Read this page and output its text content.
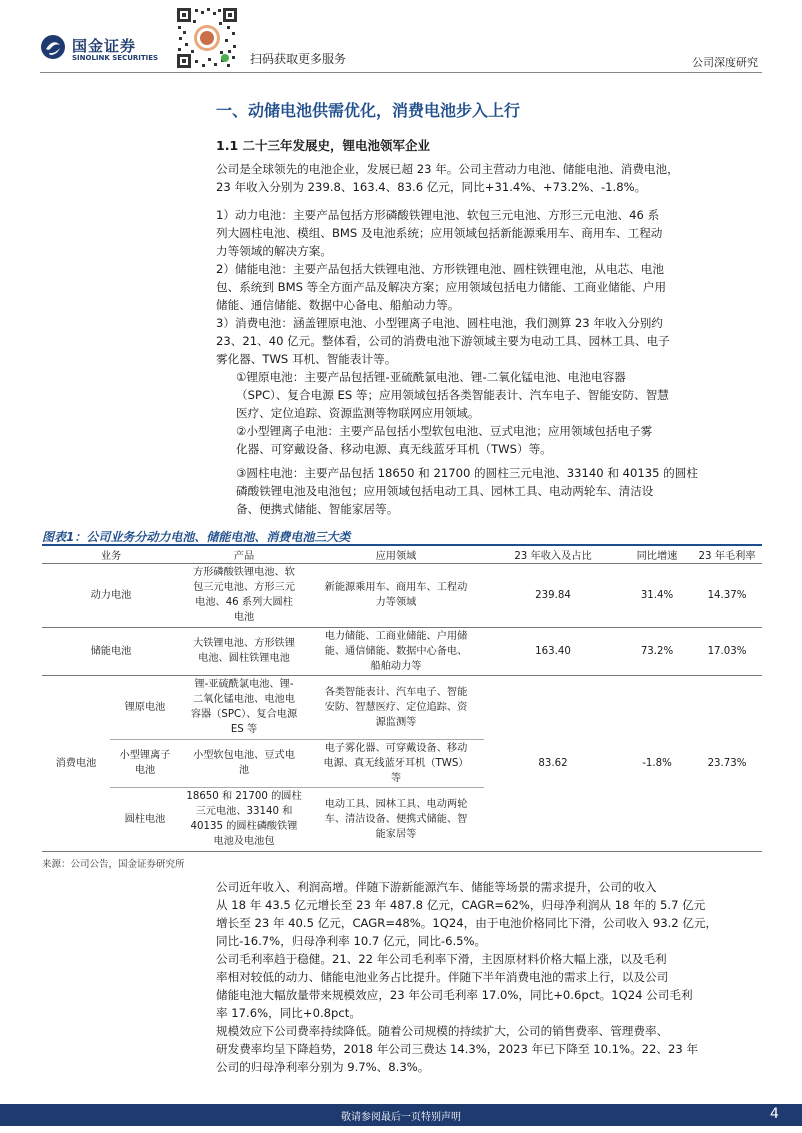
国金证券
SINOLINK SECURITIES	扫码获取更多服务	公司深度研究
一、动储电池供需优化，消费电池步入上行
1.1 二十三年发展史，锂电池领军企业
公司是全球领先的电池企业，发展已超 23 年。公司主营动力电池、储能电池、消费电池，
23 年收入分别为 239.8、163.4、83.6 亿元，同比+31.4%、+73.2%、-1.8%。
1）动力电池：主要产品包括方形磷酸铁锂电池、软包三元电池、方形三元电池、46 系
列大圆柱电池、模组、BMS 及电池系统；应用领域包括新能源乘用车、商用车、工程动
力等领域的解决方案。
2）储能电池：主要产品包括大铁锂电池、方形铁锂电池、圆柱铁锂电池，从电芯、电池
包、系统到 BMS 等全方面产品及解决方案；应用领域包括电力储能、工商业储能、户用
储能、通信储能、数据中心备电、船舶动力等。
3）消费电池：涵盖锂原电池、小型锂离子电池、圆柱电池，我们测算 23 年收入分别约
23、21、40 亿元。整体看，公司的消费电池下游领域主要为电动工具、园林工具、电子
雾化器、TWS 耳机、智能表计等。
①锂原电池：主要产品包括锂-亚硫酰氯电池、锂-二氧化锰电池、电池电容器
（SPC）、复合电源 ES 等；应用领域包括各类智能表计、汽车电子、智能安防、智慧
医疗、定位追踪、资源监测等物联网应用领域。
②小型锂离子电池：主要产品包括小型软包电池、豆式电池；应用领域包括电子雾
化器、可穿戴设备、移动电源、真无线蓝牙耳机（TWS）等。
③圆柱电池：主要产品包括 18650 和 21700 的圆柱三元电池、33140 和 40135 的圆柱
磷酸铁锂电池及电池包；应用领域包括电动工具、园林工具、电动两轮车、清洁设
备、便携式储能、智能家居等。
图表1：公司业务分动力电池、储能电池、消费电池三大类
业务		产品	应用领域	23 年收入及占比	同比增速	23 年毛利率
动力电池		方形磷酸铁锂电池、软
包三元电池、方形三元
电池、46 系列大圆柱
电池	新能源乘用车、商用车、工程动
力等领域	239.84	31.4%	14.37%
储能电池		大铁锂电池、方形铁锂
电池、圆柱铁锂电池	电力储能、工商业储能、户用储
能、通信储能、数据中心备电、
船舶动力等	163.40	73.2%	17.03%
消费电池	锂原电池	锂-亚硫酰氯电池、锂-
二氧化锰电池、电池电
容器（SPC）、复合电源
ES 等	各类智能表计、汽车电子、智能
安防、智慧医疗、定位追踪、资
源监测等	83.62	-1.8%	23.73%

	小型锂离子
电池	小型软包电池、豆式电
池	电子雾化器、可穿戴设备、移动
电源、真无线蓝牙耳机（TWS）
等			

	圆柱电池	18650 和 21700 的圆柱
三元电池、33140 和
40135 的圆柱磷酸铁锂
电池及电池包	电动工具、园林工具、电动两轮
车、清洁设备、便携式储能、智
能家居等			
来源：公司公告，国金证券研究所
公司近年收入、利润高增。伴随下游新能源汽车、储能等场景的需求提升，公司的收入
从 18 年 43.5 亿元增长至 23 年 487.8 亿元，CAGR=62%，归母净利润从 18 年的 5.7 亿元
增长至 23 年 40.5 亿元，CAGR=48%。1Q24，由于电池价格同比下滑，公司收入 93.2 亿元，
同比-16.7%，归母净利率 10.7 亿元，同比-6.5%。
公司毛利率趋于稳健。21、22 年公司毛利率下滑，主因原材料价格大幅上涨，以及毛利
率相对较低的动力、储能电池业务占比提升。伴随下半年消费电池的需求上行，以及公司
储能电池大幅放量带来规模效应，23 年公司毛利率 17.0%，同比+0.6pct。1Q24 公司毛利
率 17.6%，同比+0.8pct。
规模效应下公司费率持续降低。随着公司规模的持续扩大，公司的销售费率、管理费率、
研发费率均呈下降趋势，2018 年公司三费达 14.3%，2023 年已下降至 10.1%。22、23 年
公司的归母净利率分别为 9.7%、8.3%。
敬请参阅最后一页特别声明	4
